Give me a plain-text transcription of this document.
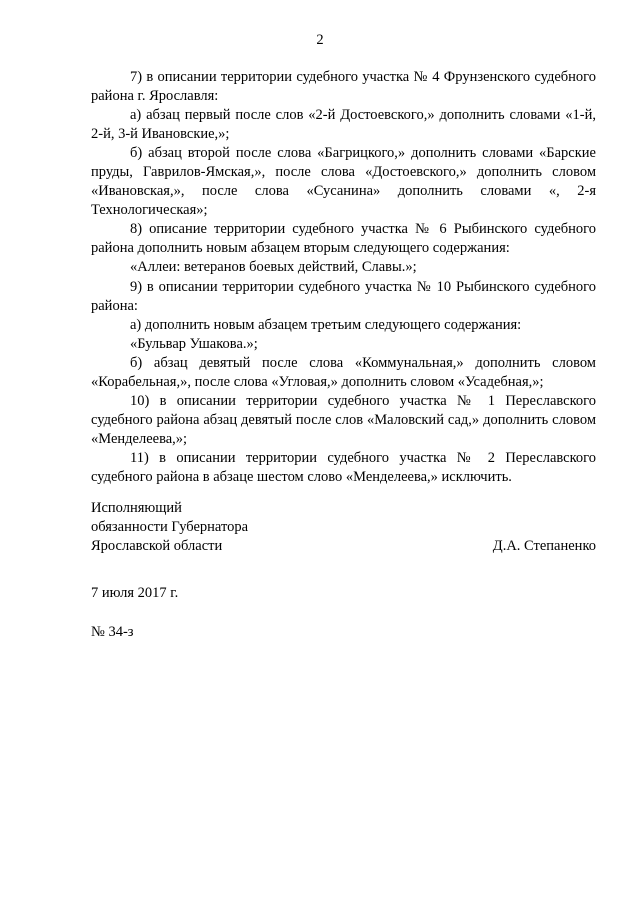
2

7) в описании территории судебного участка № 4 Фрунзенского судебного района г. Ярославля:

а) абзац первый после слов «2-й Достоевского,» дополнить словами «1-й, 2-й, 3-й Ивановские,»;

б) абзац второй после слова «Багрицкого,» дополнить словами «Барские пруды, Гаврилов-Ямская,», после слова «Достоевского,» дополнить словом «Ивановская,», после слова «Сусанина» дополнить словами «, 2-я Технологическая»;

8) описание территории судебного участка № 6 Рыбинского судебного района дополнить новым абзацем вторым следующего содержания:

«Аллеи: ветеранов боевых действий, Славы.»;

9) в описании территории судебного участка № 10 Рыбинского судебного района:

а) дополнить новым абзацем третьим следующего содержания:

«Бульвар Ушакова.»;

б) абзац девятый после слова «Коммунальная,» дополнить словом «Корабельная,», после слова «Угловая,» дополнить словом «Усадебная,»;

10) в описании территории судебного участка № 1 Переславского судебного района абзац девятый после слов «Маловский сад,» дополнить словом «Менделеева,»;

11) в описании территории судебного участка № 2 Переславского судебного района в абзаце шестом слово «Менделеева,» исключить.

Исполняющий
обязанности Губернатора
Ярославской области	Д.А. Степаненко

7 июля 2017 г.

№ 34-з
